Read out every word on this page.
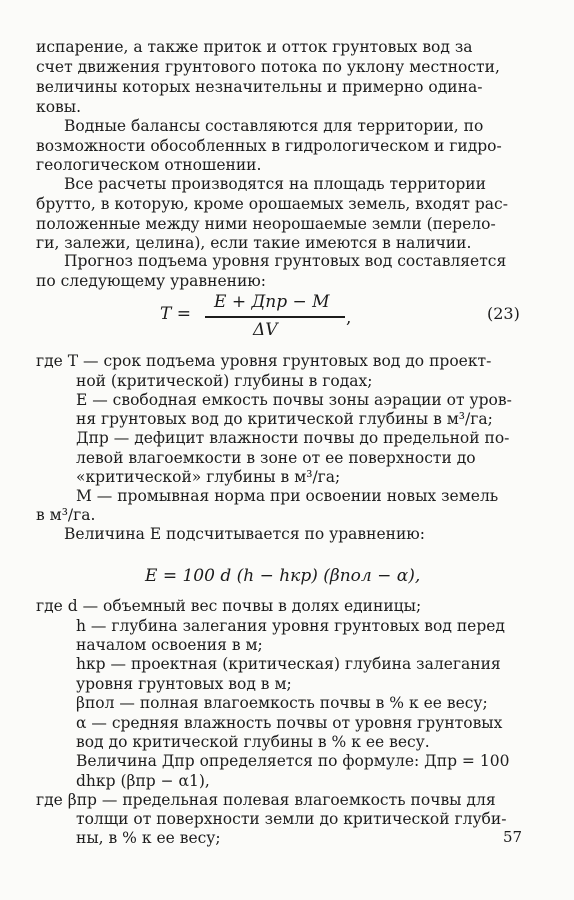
испарение, а также приток и отток грунтовых вод за
счет движения грунтового потока по уклону местности,
величины которых незначительны и примерно одина-
ковы.
Водные балансы составляются для территории, по
возможности обособленных в гидрологическом и гидро-
геологическом отношении.
Все расчеты производятся на площадь территории
брутто, в которую, кроме орошаемых земель, входят рас-
положенные между ними неорошаемые земли (перело-
ги, залежи, целина), если такие имеются в наличии.
Прогноз подъема уровня грунтовых вод составляется
по следующему уравнению:
T =
E + Дпр − M
ΔV
,	(23)
где T — срок подъема уровня грунтовых вод до проект-
ной (критической) глубины в годах;
E — свободная емкость почвы зоны аэрации от уров-
ня грунтовых вод до критической глубины в м³/га;
Дпр — дефицит влажности почвы до предельной по-
левой влагоемкости в зоне от ее поверхности до
«критической» глубины в м³/га;
M — промывная норма при освоении новых земель
в м³/га.
Величина E подсчитывается по уравнению:
E = 100 d (h − hкр) (βпол − α),
где d — объемный вес почвы в долях единицы;
h — глубина залегания уровня грунтовых вод перед
началом освоения в м;
hкр — проектная (критическая) глубина залегания
уровня грунтовых вод в м;
βпол — полная влагоемкость почвы в % к ее весу;
α — средняя влажность почвы от уровня грунтовых
вод до критической глубины в % к ее весу.
Величина Дпр определяется по формуле: Дпр = 100
dhкр (βпр − α1),
где βпр — предельная полевая влагоемкость почвы для
толщи от поверхности земли до критической глуби-
ны, в % к ее весу;	57
